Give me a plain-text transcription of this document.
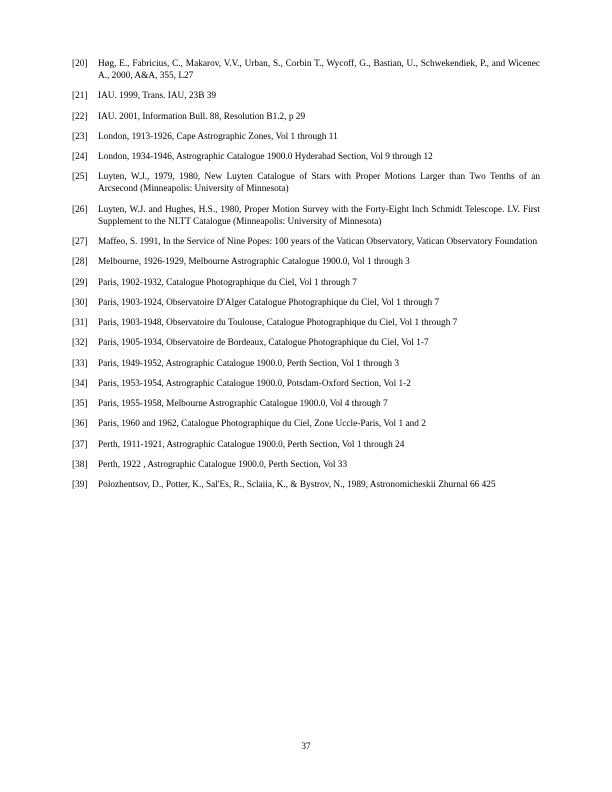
[20]	Høg, E., Fabricius, C., Makarov, V.V., Urban, S., Corbin T., Wycoff, G., Bastian, U., Schwekendiek, P., and Wicenec A., 2000, A&A, 355, L27
[21]	IAU. 1999, Trans. IAU, 23B 39
[22]	IAU. 2001, Information Bull. 88, Resolution B1.2, p 29
[23]	London, 1913-1926, Cape Astrographic Zones, Vol 1 through 11
[24]	London, 1934-1946, Astrographic Catalogue 1900.0 Hyderabad Section, Vol 9 through 12
[25]	Luyten, W.J., 1979, 1980, New Luyten Catalogue of Stars with Proper Motions Larger than Two Tenths of an Arcsecond (Minneapolis: University of Minnesota)
[26]	Luyten, W.J. and Hughes, H.S., 1980, Proper Motion Survey with the Forty-Eight Inch Schmidt Telescope. LV. First Supplement to the NLTT Catalogue (Minneapolis: University of Minnesota)
[27]	Maffeo, S. 1991, In the Service of Nine Popes: 100 years of the Vatican Observatory, Vatican Observatory Foundation
[28]	Melbourne, 1926-1929, Melbourne Astrographic Catalogue 1900.0, Vol 1 through 3
[29]	Paris, 1902-1932, Catalogue Photographique du Ciel, Vol 1 through 7
[30]	Paris, 1903-1924, Observatoire D'Alger Catalogue Photographique du Ciel, Vol 1 through 7
[31]	Paris, 1903-1948, Observatoire du Toulouse, Catalogue Photographique du Ciel, Vol 1 through 7
[32]	Paris, 1905-1934, Observatoire de Bordeaux, Catalogue Photographique du Ciel, Vol 1-7
[33]	Paris, 1949-1952, Astrographic Catalogue 1900.0, Perth Section, Vol 1 through 3
[34]	Paris, 1953-1954, Astrographic Catalogue 1900.0, Potsdam-Oxford Section, Vol 1-2
[35]	Paris, 1955-1958, Melbourne Astrographic Catalogue 1900.0, Vol 4 through 7
[36]	Paris, 1960 and 1962, Catalogue Photographique du Ciel, Zone Uccle-Paris, Vol 1 and 2
[37]	Perth, 1911-1921, Astrographic Catalogue 1900.0, Perth Section, Vol 1 through 24
[38]	Perth, 1922 , Astrographic Catalogue 1900.0, Perth Section, Vol 33
[39]	Polozhentsov, D., Potter, K., Sal'Es, R., Sclaiia, K., & Bystrov, N., 1989, Astronomicheskii Zhurnal 66 425
37
